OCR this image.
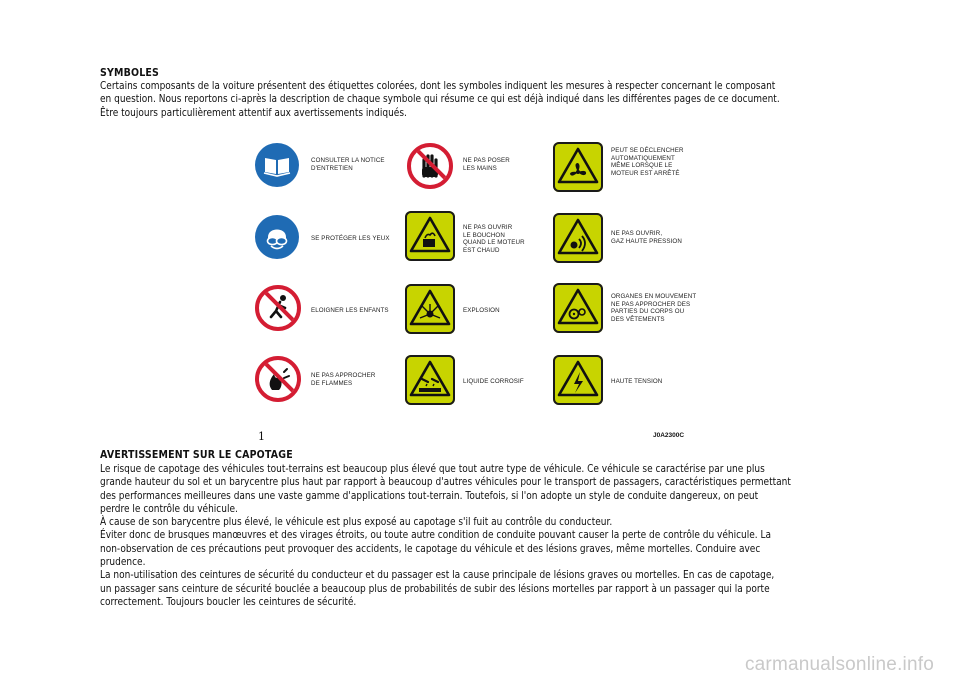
SYMBOLES
Certains composants de la voiture présentent des étiquettes colorées, dont les symboles indiquent les mesures à respecter concernant le composant
en question. Nous reportons ci-après la description de chaque symbole qui résume ce qui est déjà indiqué dans les différentes pages de ce document.
Être toujours particulièrement attentif aux avertissements indiqués.
CONSULTER LA NOTICE
D'ENTRETIEN
SE PROTÉGER LES YEUX
ELOIGNER LES ENFANTS
NE PAS APPROCHER
DE FLAMMES
NE PAS POSER
LES MAINS
NE PAS OUVRIR
LE BOUCHON
QUAND LE MOTEUR
EST CHAUD
EXPLOSION
LIQUIDE CORROSIF
PEUT SE DÉCLENCHER
AUTOMATIQUEMENT
MÊME LORSQUE LE
MOTEUR EST ARRÊTÉ
NE PAS OUVRIR,
GAZ HAUTE PRESSION
ORGANES EN MOUVEMENT
NE PAS APPROCHER DES
PARTIES DU CORPS OU
DES VÊTEMENTS
HAUTE TENSION
1	J0A2300C
AVERTISSEMENT SUR LE CAPOTAGE
Le risque de capotage des véhicules tout-terrains est beaucoup plus élevé que tout autre type de véhicule. Ce véhicule se caractérise par une plus
grande hauteur du sol et un barycentre plus haut par rapport à beaucoup d'autres véhicules pour le transport de passagers, caractéristiques permettant
des performances meilleures dans une vaste gamme d'applications tout-terrain. Toutefois, si l'on adopte un style de conduite dangereux, on peut
perdre le contrôle du véhicule.
À cause de son barycentre plus élevé, le véhicule est plus exposé au capotage s'il fuit au contrôle du conducteur.
Éviter donc de brusques manœuvres et des virages étroits, ou toute autre condition de conduite pouvant causer la perte de contrôle du véhicule. La
non-observation de ces précautions peut provoquer des accidents, le capotage du véhicule et des lésions graves, même mortelles. Conduire avec
prudence.
La non-utilisation des ceintures de sécurité du conducteur et du passager est la cause principale de lésions graves ou mortelles. En cas de capotage,
un passager sans ceinture de sécurité bouclée a beaucoup plus de probabilités de subir des lésions mortelles par rapport à un passager qui la porte
correctement. Toujours boucler les ceintures de sécurité.
carmanualsonline.info
